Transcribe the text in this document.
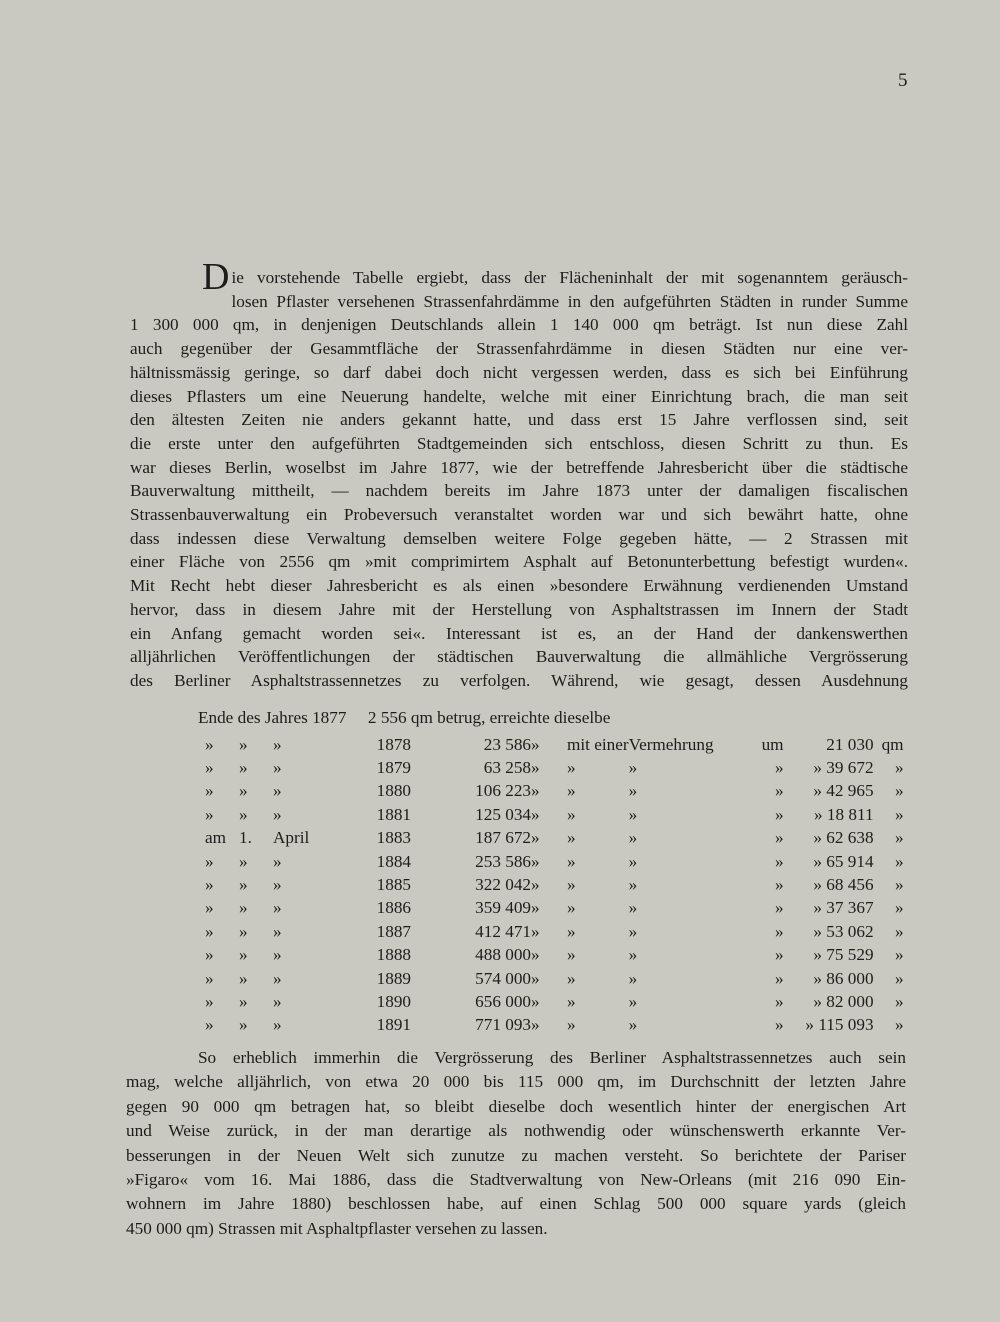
5
D ie vorstehende Tabelle ergiebt, dass der Flächeninhalt der mit sogenanntem geräusch-
losen Pflaster versehenen Strassenfahrdämme in den aufgeführten Städten in runder Summe
1 300 000 qm, in denjenigen Deutschlands allein 1 140 000 qm beträgt. Ist nun diese Zahl
auch gegenüber der Gesammtfläche der Strassenfahrdämme in diesen Städten nur eine ver-
hältnissmässig geringe, so darf dabei doch nicht vergessen werden, dass es sich bei Einführung
dieses Pflasters um eine Neuerung handelte, welche mit einer Einrichtung brach, die man seit
den ältesten Zeiten nie anders gekannt hatte, und dass erst 15 Jahre verflossen sind, seit
die erste unter den aufgeführten Stadtgemeinden sich entschloss, diesen Schritt zu thun. Es
war dieses Berlin, woselbst im Jahre 1877, wie der betreffende Jahresbericht über die städtische
Bauverwaltung mittheilt, — nachdem bereits im Jahre 1873 unter der damaligen fiscalischen
Strassenbauverwaltung ein Probeversuch veranstaltet worden war und sich bewährt hatte, ohne
dass indessen diese Verwaltung demselben weitere Folge gegeben hätte, — 2 Strassen mit
einer Fläche von 2556 qm »mit comprimirtem Asphalt auf Betonunterbettung befestigt wurden«.
Mit Recht hebt dieser Jahresbericht es als einen »besondere Erwähnung verdienenden Umstand
hervor, dass in diesem Jahre mit der Herstellung von Asphaltstrassen im Innern der Stadt
ein Anfang gemacht worden sei«. Interessant ist es, an der Hand der dankenswerthen
alljährlichen Veröffentlichungen der städtischen Bauverwaltung die allmähliche Vergrösserung
des Berliner Asphaltstrassennetzes zu verfolgen. Während, wie gesagt, dessen Ausdehnung
Ende des Jahres 1877     2 556 qm betrug, erreichte dieselbe
»	»	»	1878	23 586	»	mit einer	Vermehrung	um	21 030	qm
»	»	»	1879	63 258	»	»	»	»	» 39 672	»
»	»	»	1880	106 223	»	»	»	»	» 42 965	»
»	»	»	1881	125 034	»	»	»	»	» 18 811	»
am	1.	April	1883	187 672	»	»	»	»	» 62 638	»
»	»	»	1884	253 586	»	»	»	»	» 65 914	»
»	»	»	1885	322 042	»	»	»	»	» 68 456	»
»	»	»	1886	359 409	»	»	»	»	» 37 367	»
»	»	»	1887	412 471	»	»	»	»	» 53 062	»
»	»	»	1888	488 000	»	»	»	»	» 75 529	»
»	»	»	1889	574 000	»	»	»	»	» 86 000	»
»	»	»	1890	656 000	»	»	»	»	» 82 000	»
»	»	»	1891	771 093	»	»	»	»	» 115 093	»
So erheblich immerhin die Vergrösserung des Berliner Asphaltstrassennetzes auch sein
mag, welche alljährlich, von etwa 20 000 bis 115 000 qm, im Durchschnitt der letzten Jahre
gegen 90 000 qm betragen hat, so bleibt dieselbe doch wesentlich hinter der energischen Art
und Weise zurück, in der man derartige als nothwendig oder wünschenswerth erkannte Ver-
besserungen in der Neuen Welt sich zunutze zu machen versteht. So berichtete der Pariser
»Figaro« vom 16. Mai 1886, dass die Stadtverwaltung von New-Orleans (mit 216 090 Ein-
wohnern im Jahre 1880) beschlossen habe, auf einen Schlag 500 000 square yards (gleich
450 000 qm) Strassen mit Asphaltpflaster versehen zu lassen.
